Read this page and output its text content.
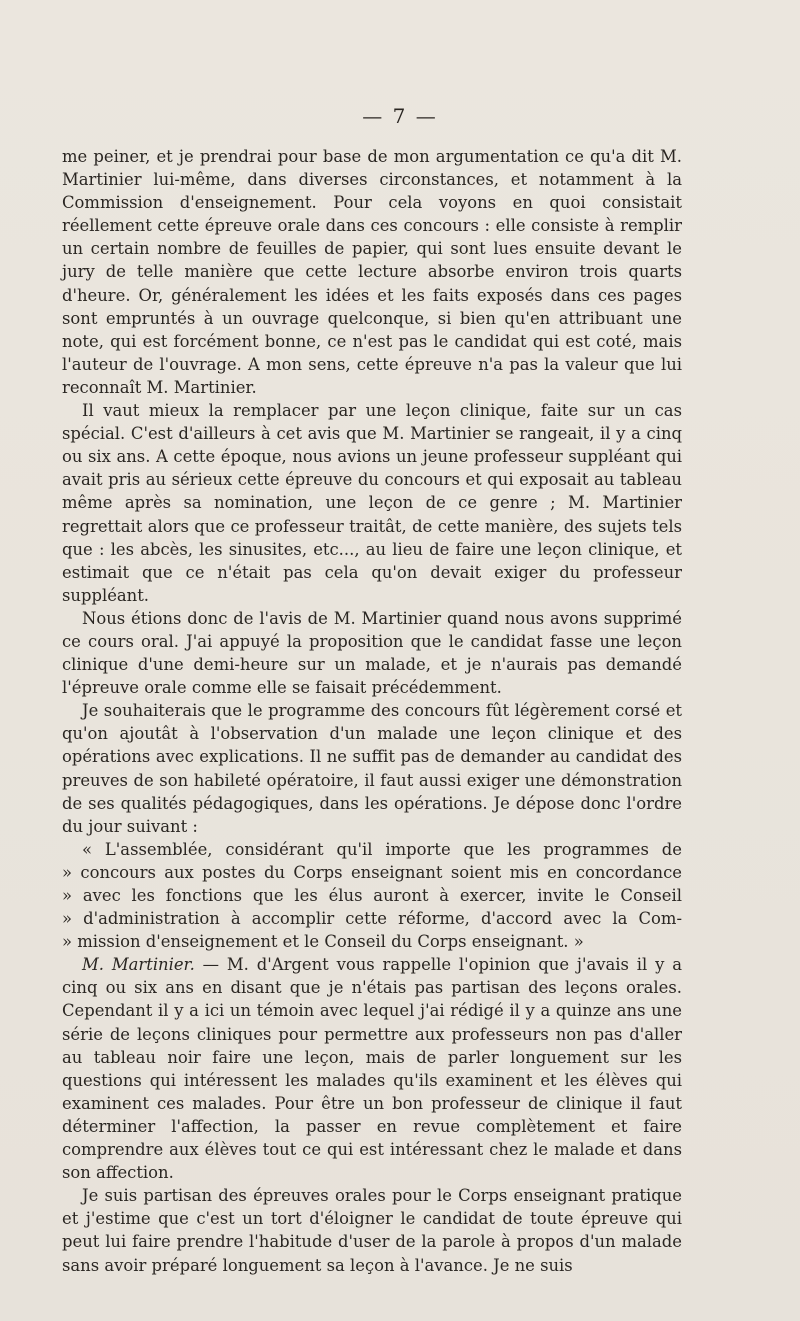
— 7 —

me peiner, et je prendrai pour base de mon argumentation ce qu'a dit M. Martinier lui-même, dans diverses circonstances, et notamment à la Commission d'enseignement. Pour cela voyons en quoi consistait réellement cette épreuve orale dans ces concours : elle consiste à remplir un certain nombre de feuilles de papier, qui sont lues ensuite devant le jury de telle manière que cette lecture absorbe environ trois quarts d'heure. Or, généralement les idées et les faits exposés dans ces pages sont empruntés à un ouvrage quelconque, si bien qu'en attribuant une note, qui est forcément bonne, ce n'est pas le candidat qui est coté, mais l'auteur de l'ouvrage. A mon sens, cette épreuve n'a pas la valeur que lui reconnaît M. Martinier.

Il vaut mieux la remplacer par une leçon clinique, faite sur un cas spécial. C'est d'ailleurs à cet avis que M. Martinier se rangeait, il y a cinq ou six ans. A cette époque, nous avions un jeune professeur suppléant qui avait pris au sérieux cette épreuve du concours et qui exposait au tableau même après sa nomination, une leçon de ce genre ; M. Martinier regrettait alors que ce professeur traitât, de cette manière, des sujets tels que : les abcès, les sinusites, etc..., au lieu de faire une leçon clinique, et estimait que ce n'était pas cela qu'on devait exiger du professeur suppléant.

Nous étions donc de l'avis de M. Martinier quand nous avons supprimé ce cours oral. J'ai appuyé la proposition que le candidat fasse une leçon clinique d'une demi-heure sur un malade, et je n'aurais pas demandé l'épreuve orale comme elle se faisait précédemment.

Je souhaiterais que le programme des concours fût légèrement corsé et qu'on ajoutât à l'observation d'un malade une leçon clinique et des opérations avec explications. Il ne suffit pas de demander au candidat des preuves de son habileté opératoire, il faut aussi exiger une démonstration de ses qualités pédagogiques, dans les opérations. Je dépose donc l'ordre du jour suivant :

« L'assemblée, considérant qu'il importe que les programmes de
» concours aux postes du Corps enseignant soient mis en concordance
» avec les fonctions que les élus auront à exercer, invite le Conseil
» d'administration à accomplir cette réforme, d'accord avec la Com-
» mission d'enseignement et le Conseil du Corps enseignant. »

M. Martinier. — M. d'Argent vous rappelle l'opinion que j'avais il y a cinq ou six ans en disant que je n'étais pas partisan des leçons orales. Cependant il y a ici un témoin avec lequel j'ai rédigé il y a quinze ans une série de leçons cliniques pour permettre aux professeurs non pas d'aller au tableau noir faire une leçon, mais de parler longuement sur les questions qui intéressent les malades qu'ils examinent et les élèves qui examinent ces malades. Pour être un bon professeur de clinique il faut déterminer l'affection, la passer en revue complètement et faire comprendre aux élèves tout ce qui est intéressant chez le malade et dans son affection.

Je suis partisan des épreuves orales pour le Corps enseignant pratique et j'estime que c'est un tort d'éloigner le candidat de toute épreuve qui peut lui faire prendre l'habitude d'user de la parole à propos d'un malade sans avoir préparé longuement sa leçon à l'avance. Je ne suis
